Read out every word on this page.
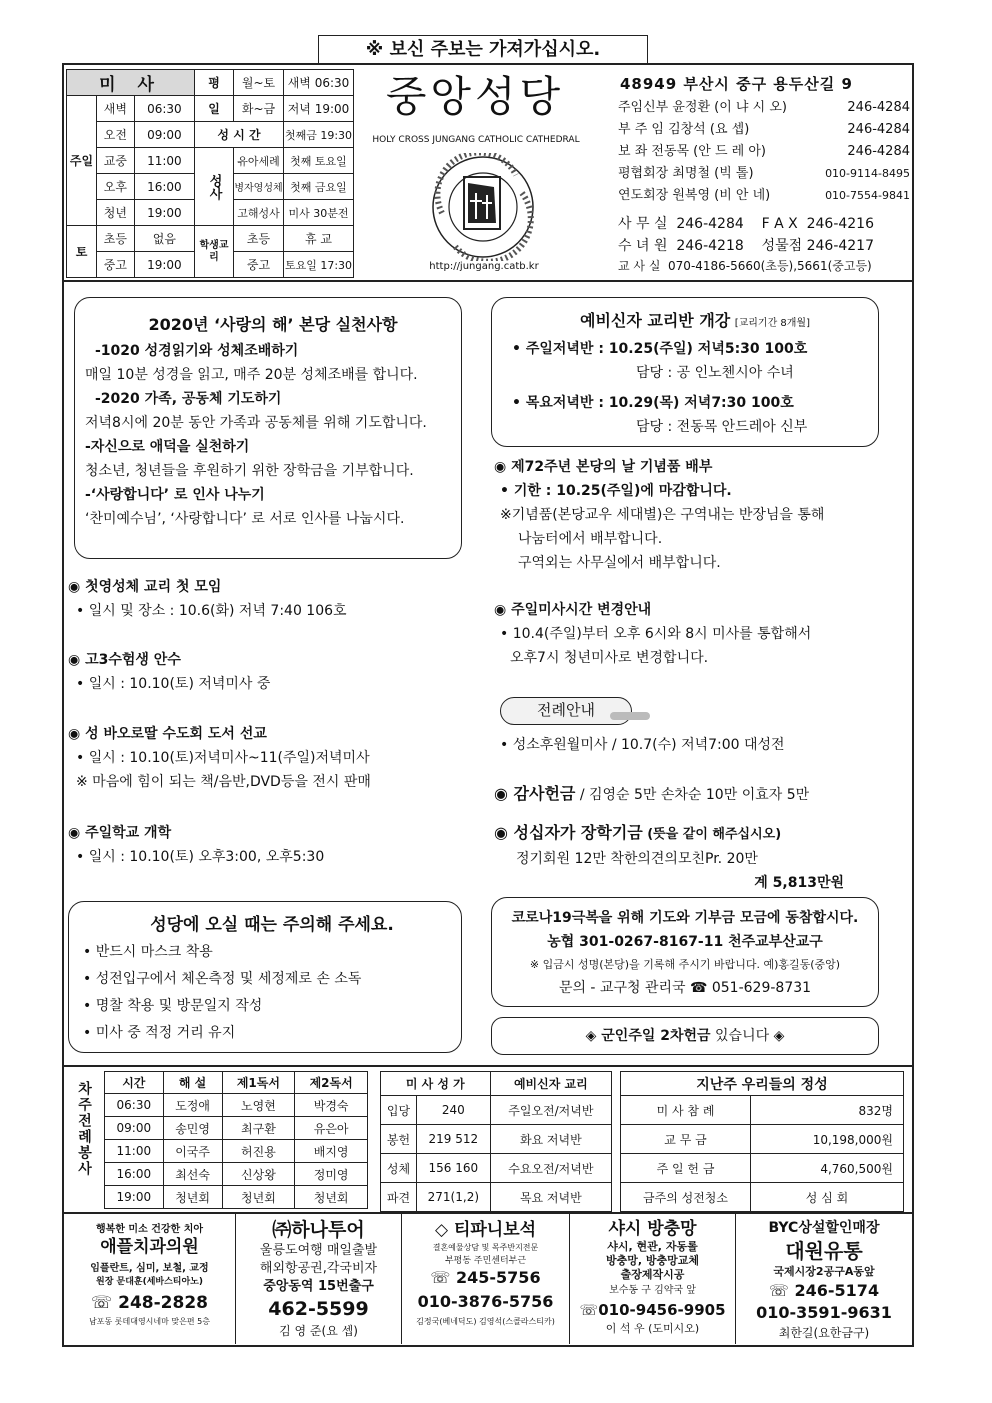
※ 보신 주보는 가져가십시오.
미 사			평	월~토	새벽 06:30
주일	새벽	06:30	일	화~금	저녁 19:00
	오전	09:00	성 시 간		첫째금 19:30
	교중	11:00	성사	유아세례	첫째 토요일
	오후	16:00		병자영성체	첫째 금요일
	청년	19:00		고해성사	미사 30분전
토	초등	없음	학생교리	초등	휴 교
	중고	19:00		중고	토요일 17:30
중앙성당
HOLY CROSS JUNGANG CATHOLIC CATHEDRAL
http://jungang.catb.kr
48949 부산시 중구 용두산길 9
주임신부 윤정환 (이 냐 시 오)	246-4284
부 주 임 김창석 (요 셉)	246-4284
보 좌 전동목 (안 드 레 아)	246-4284
평협회장 최명철 (빅 톨)	010-9114-8495
연도회장 원복영 (비 안 네)	010-7554-9841
사 무 실  246-4284    F A X  246-4216
수 녀 원  246-4218    성물점 246-4217
교 사 실  070-4186-5660(초등),5661(중고등)
2020년 ‘사랑의 해’ 본당 실천사항
-1020 성경읽기와 성체조배하기
매일 10분 성경을 읽고, 매주 20분 성체조배를 합니다.
-2020 가족, 공동체 기도하기
저녁8시에 20분 동안 가족과 공동체를 위해 기도합니다.
-자신으로 애덕을 실천하기
청소년, 청년들을 후원하기 위한 장학금을 기부합니다.
-‘사랑합니다’ 로 인사 나누기
‘찬미예수님’, ‘사랑합니다’ 로 서로 인사를 나눕시다.
예비신자 교리반 개강 [교리기간 8개월]
• 주일저녁반 : 10.25(주일) 저녁5:30 100호
담당 : 공 인노첸시아 수녀
• 목요저녁반 : 10.29(목) 저녁7:30 100호
담당 : 전동목 안드레아 신부
◉ 제72주년 본당의 날 기념품 배부
• 기한 : 10.25(주일)에 마감합니다.
※기념품(본당교우 세대별)은 구역내는 반장님을 통해
나눔터에서 배부합니다.
구역외는 사무실에서 배부합니다.
◉ 첫영성체 교리 첫 모임
• 일시 및 장소 : 10.6(화) 저녁 7:40 106호
◉ 고3수험생 안수
• 일시 : 10.10(토) 저녁미사 중
◉ 성 바오로딸 수도회 도서 선교
• 일시 : 10.10(토)저녁미사~11(주일)저녁미사
※ 마음에 힘이 되는 책/음반,DVD등을 전시 판매
◉ 주일학교 개학
• 일시 : 10.10(토) 오후3:00, 오후5:30
◉ 주일미사시간 변경안내
• 10.4(주일)부터 오후 6시와 8시 미사를 통합해서
오후7시 청년미사로 변경합니다.
전례안내
• 성소후원월미사 / 10.7(수) 저녁7:00 대성전
◉ 감사헌금 / 김영순 5만 손차순 10만 이효자 5만
◉ 성십자가 장학기금 (뜻을 같이 해주십시오)
정기회원 12만 착한의견의모친Pr. 20만
계 5,813만원
성당에 오실 때는 주의해 주세요.
• 반드시 마스크 착용
• 성전입구에서 체온측정 및 세정제로 손 소독
• 명찰 착용 및 방문일지 작성
• 미사 중 적정 거리 유지
코로나19극복을 위해 기도와 기부금 모금에 동참합시다.
농협 301-0267-8167-11 천주교부산교구
※ 입금시 성명(본당)을 기록해 주시기 바랍니다. 예)홍길동(중앙)
문의 - 교구청 관리국 ☎ 051-629-8731
◈ 군인주일 2차헌금 있습니다 ◈
차주전례봉사	시간	해 설	제1독서	제2독서
06:30	도정애	노영현	박경숙
09:00	송민영	최구환	유은아
11:00	이국주	허진용	배지영
16:00	최선숙	신상왕	정미영
19:00	청년회	청년회	청년회
미 사 성 가		예비신자 교리
입당	240	주일오전/저녁반
봉헌	219 512	화요 저녁반
성체	156 160	수요오전/저녁반
파견	271(1,2)	목요 저녁반
지난주 우리들의 정성	
미 사 참 례	832명
교 무 금	10,198,000원
주 일 헌 금	4,760,500원
금주의 성전청소	성 심 회
행복한 미소 건강한 치아
애플치과의원
임플란트, 심미, 보철, 교정
원장 문대훈(세바스티아노)
☏ 248-2828
남포동 롯데대영시네마 맞은편 5층
㈜하나투어
울릉도여행 매일출발
해외항공권,각국비자
중앙동역 15번출구
462-5599
김 영 준(요 셉)
◇ 티파니보석
결혼예물상담 및 목주반지전문
부평동 주민센터부근
☏ 245-5756
010-3876-5756
김정국(베네딕도) 김영석(스콜라스티카)
샤시 방충망
샤시, 현관, 자동롤
방충망, 방충망교체
출장제작시공
보수동 구 김약국 앞
☏010-9456-9905
이 석 우 (도미시오)
BYC상설할인매장
대원유통
국제시장2공구A동앞
☏ 246-5174
010-3591-9631
최한길(요한금구)
